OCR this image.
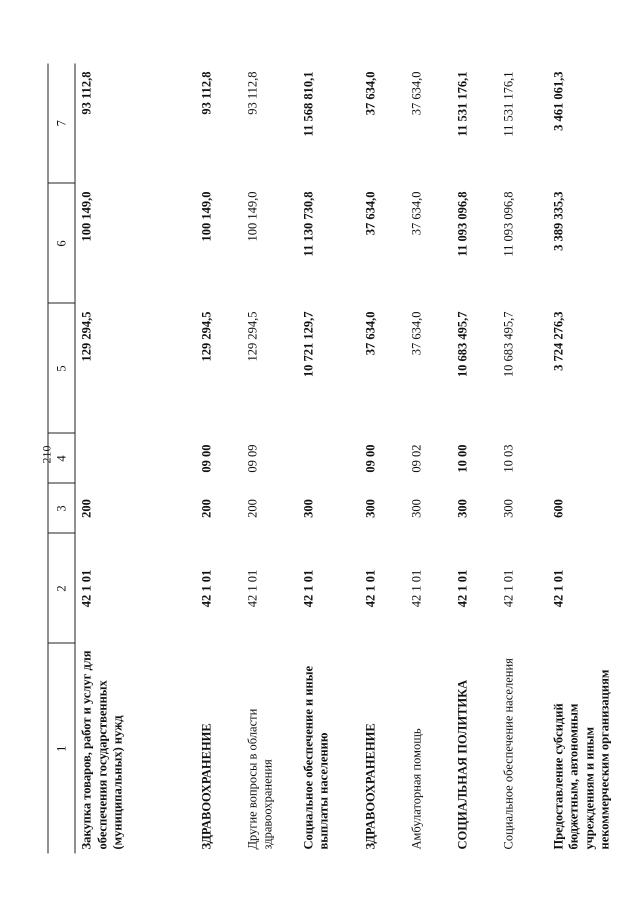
210
1	2	3	4	5	6	7
Закупка товаров, работ и услуг для обеспечения государственных (муниципальных) нужд	42 1 01	200		129 294,5	100 149,0	93 112,8
ЗДРАВООХРАНЕНИЕ	42 1 01	200	09 00	129 294,5	100 149,0	93 112,8
Другие вопросы в области здравоохранения	42 1 01	200	09 09	129 294,5	100 149,0	93 112,8
Социальное обеспечение и иные выплаты населению	42 1 01	300		10 721 129,7	11 130 730,8	11 568 810,1
ЗДРАВООХРАНЕНИЕ	42 1 01	300	09 00	37 634,0	37 634,0	37 634,0
Амбулаторная помощь	42 1 01	300	09 02	37 634,0	37 634,0	37 634,0
СОЦИАЛЬНАЯ ПОЛИТИКА	42 1 01	300	10 00	10 683 495,7	11 093 096,8	11 531 176,1
Социальное обеспечение населения	42 1 01	300	10 03	10 683 495,7	11 093 096,8	11 531 176,1
Предоставление субсидий бюджетным, автономным учреждениям и иным некоммерческим организациям	42 1 01	600		3 724 276,3	3 389 335,3	3 461 061,3
